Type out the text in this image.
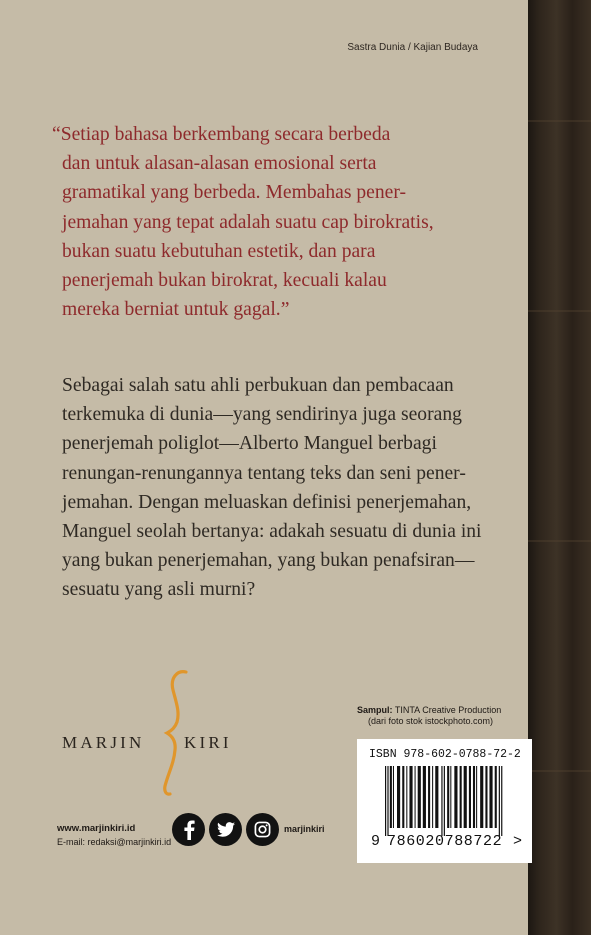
Sastra Dunia / Kajian Budaya
“Setiap bahasa berkembang secara berbeda
dan untuk alasan-alasan emosional serta
gramatikal yang berbeda. Membahas pener-
jemahan yang tepat adalah suatu cap birokratis,
bukan suatu kebutuhan estetik, dan para
penerjemah bukan birokrat, kecuali kalau
mereka berniat untuk gagal.”
Sebagai salah satu ahli perbukuan dan pembacaan
terkemuka di dunia—yang sendirinya juga seorang
penerjemah poliglot—Alberto Manguel berbagi
renungan-renungannya tentang teks dan seni pener-
jemahan. Dengan meluaskan definisi penerjemahan,
Manguel seolah bertanya: adakah sesuatu di dunia ini
yang bukan penerjemahan, yang bukan penafsiran—
sesuatu yang asli murni?
MARJIN KIRI
www.marjinkiri.id
E-mail: redaksi@marjinkiri.id
marjinkiri
Sampul: TINTA Creative Production
(dari foto stok istockphoto.com)
ISBN 978-602-0788-72-2
9 786020788722 >
